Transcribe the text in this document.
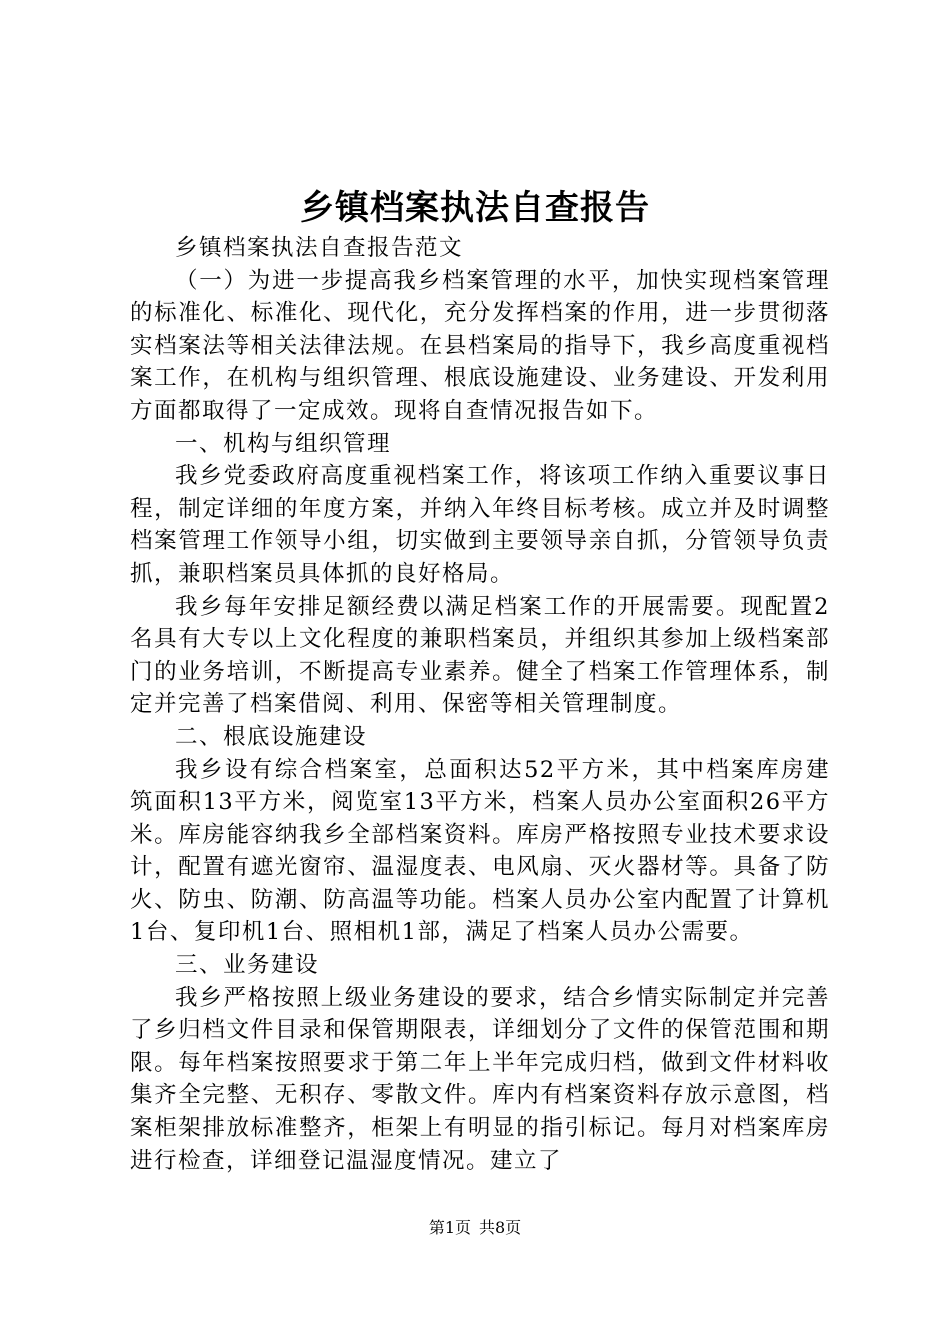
乡镇档案执法自查报告

乡镇档案执法自查报告范文

（一）为进一步提高我乡档案管理的水平，加快实现档案管理的标准化、标准化、现代化，充分发挥档案的作用，进一步贯彻落实档案法等相关法律法规。在县档案局的指导下，我乡高度重视档案工作，在机构与组织管理、根底设施建设、业务建设、开发利用方面都取得了一定成效。现将自查情况报告如下。

一、机构与组织管理

我乡党委政府高度重视档案工作，将该项工作纳入重要议事日程，制定详细的年度方案，并纳入年终目标考核。成立并及时调整档案管理工作领导小组，切实做到主要领导亲自抓，分管领导负责抓，兼职档案员具体抓的良好格局。

我乡每年安排足额经费以满足档案工作的开展需要。现配置2名具有大专以上文化程度的兼职档案员，并组织其参加上级档案部门的业务培训，不断提高专业素养。健全了档案工作管理体系，制定并完善了档案借阅、利用、保密等相关管理制度。

二、根底设施建设

我乡设有综合档案室，总面积达52平方米，其中档案库房建筑面积13平方米，阅览室13平方米，档案人员办公室面积26平方米。库房能容纳我乡全部档案资料。库房严格按照专业技术要求设计，配置有遮光窗帘、温湿度表、电风扇、灭火器材等。具备了防火、防虫、防潮、防高温等功能。档案人员办公室内配置了计算机1台、复印机1台、照相机1部，满足了档案人员办公需要。

三、业务建设

我乡严格按照上级业务建设的要求，结合乡情实际制定并完善了乡归档文件目录和保管期限表，详细划分了文件的保管范围和期限。每年档案按照要求于第二年上半年完成归档，做到文件材料收集齐全完整、无积存、零散文件。库内有档案资料存放示意图，档案柜架排放标准整齐，柜架上有明显的指引标记。每月对档案库房进行检查，详细登记温湿度情况。建立了

第1页 共8页
